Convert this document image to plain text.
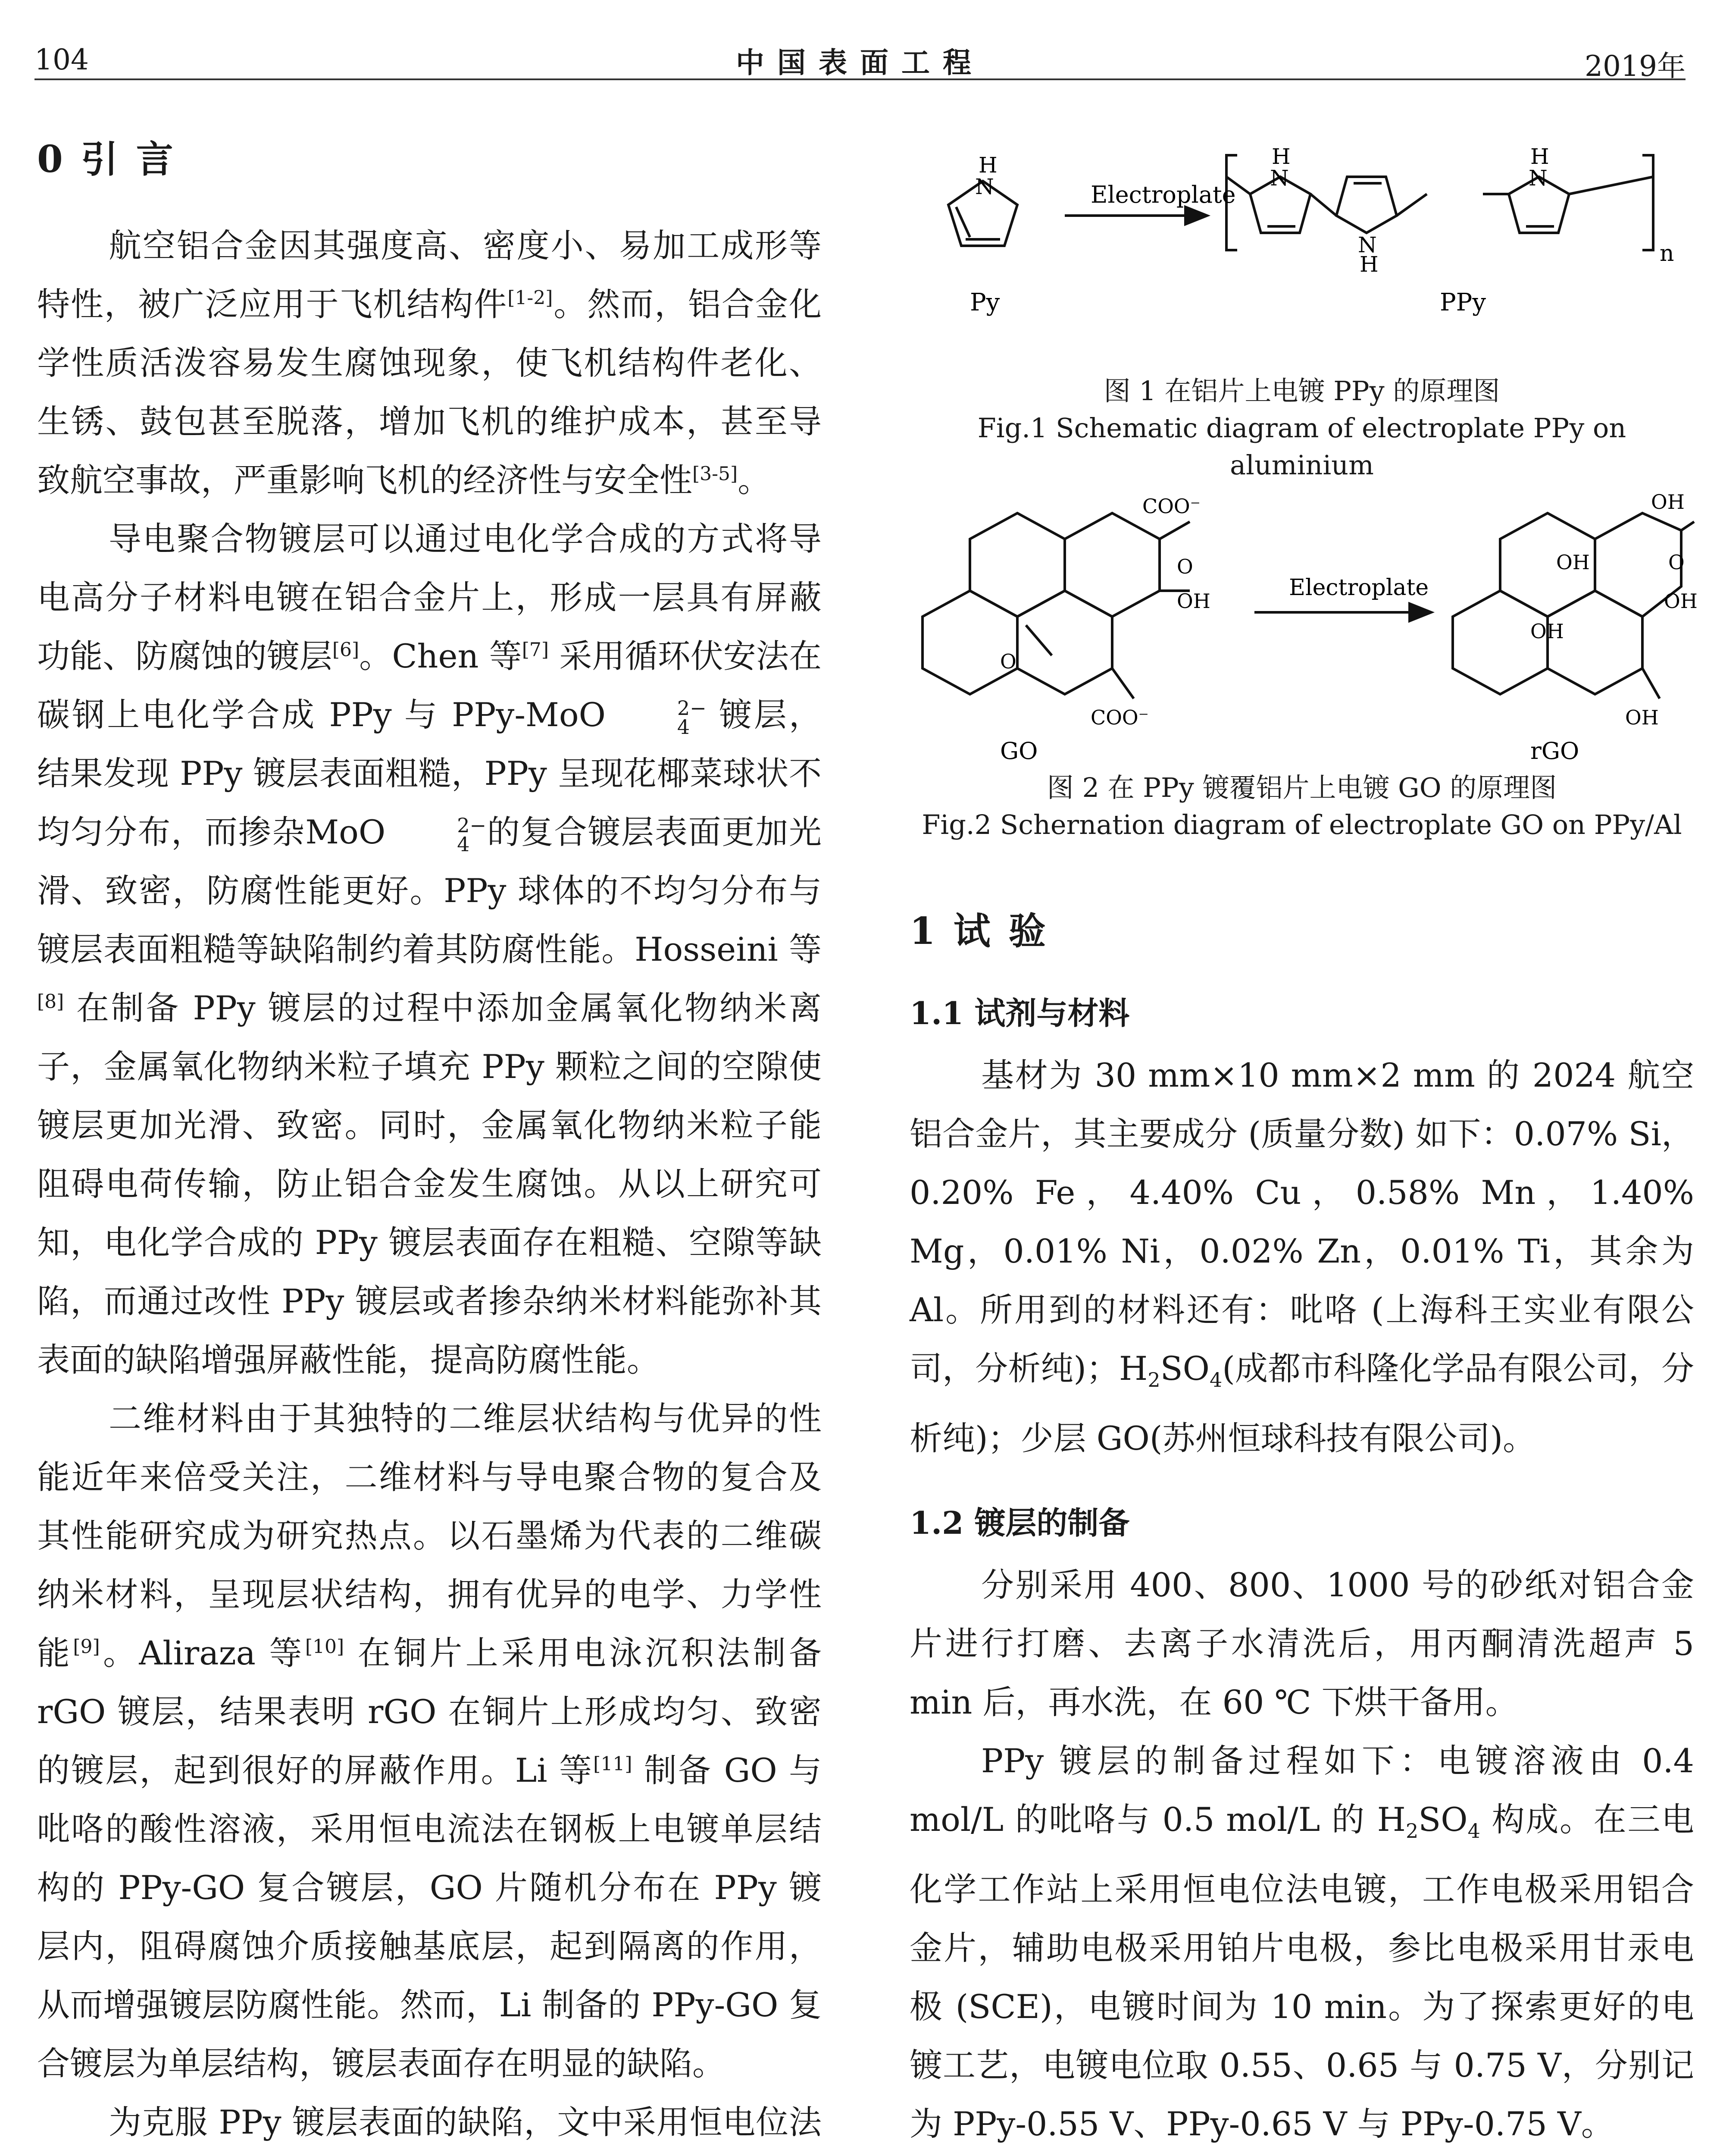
104	中国表面工程	2019年
0 引 言

航空铝合金因其强度高、密度小、易加工成形等特性，被广泛应用于飞机结构件[1-2]。然而，铝合金化学性质活泼容易发生腐蚀现象，使飞机结构件老化、生锈、鼓包甚至脱落，增加飞机的维护成本，甚至导致航空事故，严重影响飞机的经济性与安全性[3-5]。

导电聚合物镀层可以通过电化学合成的方式将导电高分子材料电镀在铝合金片上，形成一层具有屏蔽功能、防腐蚀的镀层[6]。Chen 等[7] 采用循环伏安法在碳钢上电化学合成 PPy 与 PPy-MoO	2−
4 镀层，结果发现 PPy 镀层表面粗糙，PPy 呈现花椰菜球状不均匀分布，而掺杂MoO	2−
4 的复合镀层表面更加光滑、致密，防腐性能更好。PPy 球体的不均匀分布与镀层表面粗糙等缺陷制约着其防腐性能。Hosseini 等[8] 在制备 PPy 镀层的过程中添加金属氧化物纳米离子，金属氧化物纳米粒子填充 PPy 颗粒之间的空隙使镀层更加光滑、致密。同时，金属氧化物纳米粒子能阻碍电荷传输，防止铝合金发生腐蚀。从以上研究可知，电化学合成的 PPy 镀层表面存在粗糙、空隙等缺陷，而通过改性 PPy 镀层或者掺杂纳米材料能弥补其表面的缺陷增强屏蔽性能，提高防腐性能。

二维材料由于其独特的二维层状结构与优异的性能近年来倍受关注，二维材料与导电聚合物的复合及其性能研究成为研究热点。以石墨烯为代表的二维碳纳米材料，呈现层状结构，拥有优异的电学、力学性能[9]。Aliraza 等[10] 在铜片上采用电泳沉积法制备 rGO 镀层，结果表明 rGO 在铜片上形成均匀、致密的镀层，起到很好的屏蔽作用。Li 等[11] 制备 GO 与吡咯的酸性溶液，采用恒电流法在钢板上电镀单层结构的 PPy-GO 复合镀层，GO 片随机分布在 PPy 镀层内，阻碍腐蚀介质接触基底层，起到隔离的作用，从而增强镀层防腐性能。然而，Li 制备的 PPy-GO 复合镀层为单层结构，镀层表面存在明显的缺陷。

为克服 PPy 镀层表面的缺陷，文中采用恒电位法

H
N	Electroplate
H
N
N
H
H
N
n
Py	PPy
图 1 在铝片上电镀 PPy 的原理图
Fig.1 Schematic diagram of electroplate PPy on aluminium
COO⁻
O
OH
O
COO⁻
Electroplate
OH
O
OH
OH
OH
OH
GO	rGO
图 2 在 PPy 镀覆铝片上电镀 GO 的原理图
Fig.2 Schernation diagram of electroplate GO on PPy/Al
1 试 验
1.1 试剂与材料

基材为 30 mm×10 mm×2 mm 的 2024 航空铝合金片，其主要成分 (质量分数) 如下：0.07% Si，0.20% Fe，4.40% Cu，0.58% Mn，1.40% Mg，0.01% Ni，0.02% Zn，0.01% Ti，其余为 Al。所用到的材料还有：吡咯 (上海科王实业有限公司，分析纯)；$H_2SO_4$(成都市科隆化学品有限公司，分析纯)；少层 GO(苏州恒球科技有限公司)。

1.2 镀层的制备

分别采用 400、800、1000 号的砂纸对铝合金片进行打磨、去离子水清洗后，用丙酮清洗超声 5 min 后，再水洗，在 60 ℃ 下烘干备用。

PPy 镀层的制备过程如下：电镀溶液由 0.4 mol/L 的吡咯与 0.5 mol/L 的 $H_2SO_4$ 构成。在三电化学工作站上采用恒电位法电镀，工作电极采用铝合金片，辅助电极采用铂片电极，参比电极采用甘汞电极 (SCE)，电镀时间为 10 min。为了探索更好的电镀工艺，电镀电位取 0.55、0.65 与 0.75 V，分别记为 PPy-0.55 V、PPy-0.65 V 与 PPy-0.75 V。
